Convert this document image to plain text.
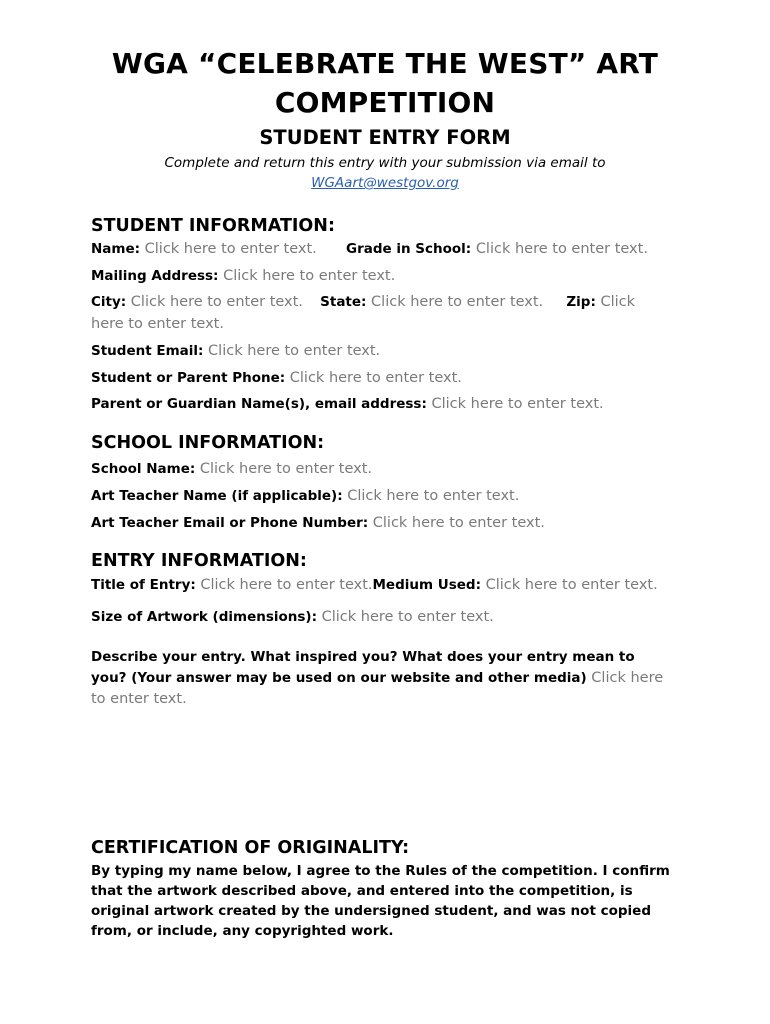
WGA “CELEBRATE THE WEST” ART
COMPETITION
STUDENT ENTRY FORM
Complete and return this entry with your submission via email to
WGAart@westgov.org
STUDENT INFORMATION:
Name: Click here to enter text. Grade in School: Click here to enter text.
Mailing Address: Click here to enter text.
City: Click here to enter text. State: Click here to enter text. Zip: Click
here to enter text.
Student Email: Click here to enter text.
Student or Parent Phone: Click here to enter text.
Parent or Guardian Name(s), email address: Click here to enter text.
SCHOOL INFORMATION:
School Name: Click here to enter text.
Art Teacher Name (if applicable): Click here to enter text.
Art Teacher Email or Phone Number: Click here to enter text.
ENTRY INFORMATION:
Title of Entry: Click here to enter text.Medium Used: Click here to enter text.
Size of Artwork (dimensions): Click here to enter text.
Describe your entry. What inspired you? What does your entry mean to you? (Your answer may be used on our website and other media) Click here to enter text.
CERTIFICATION OF ORIGINALITY:
By typing my name below, I agree to the Rules of the competition. I confirm that the artwork described above, and entered into the competition, is original artwork created by the undersigned student, and was not copied from, or include, any copyrighted work.
